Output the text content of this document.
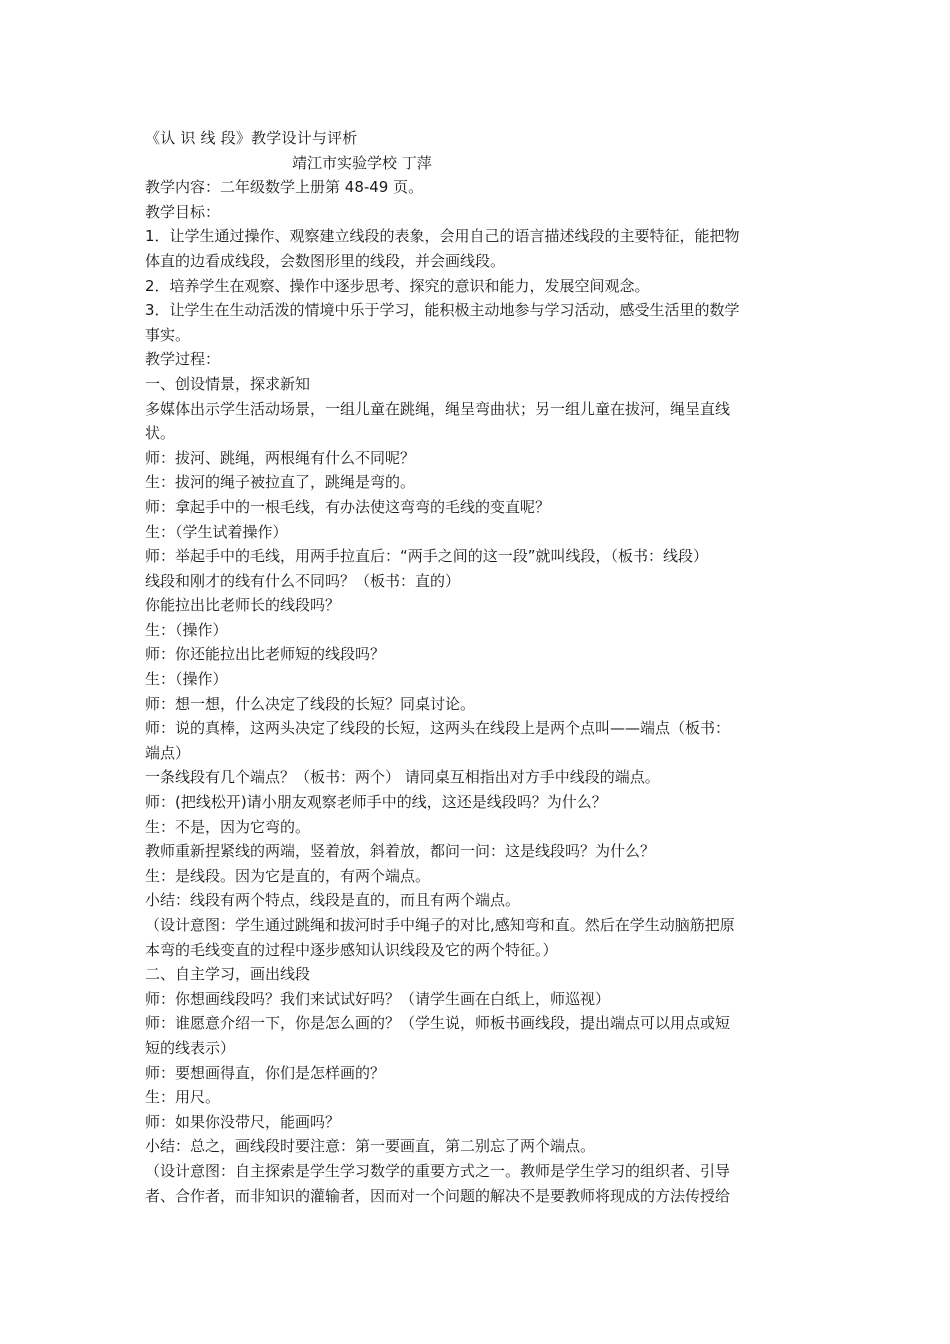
《认 识 线 段》教学设计与评析

靖江市实验学校 丁萍

教学内容：二年级数学上册第 48-49 页。

教学目标：

1．让学生通过操作、观察建立线段的表象，会用自己的语言描述线段的主要特征，能把物

体直的边看成线段，会数图形里的线段，并会画线段。

2．培养学生在观察、操作中逐步思考、探究的意识和能力，发展空间观念。

3．让学生在生动活泼的情境中乐于学习，能积极主动地参与学习活动，感受生活里的数学

事实。

教学过程：

一、创设情景，探求新知

多媒体出示学生活动场景，一组儿童在跳绳，绳呈弯曲状；另一组儿童在拔河，绳呈直线

状。

师：拔河、跳绳，两根绳有什么不同呢？

生：拔河的绳子被拉直了，跳绳是弯的。

师：拿起手中的一根毛线，有办法使这弯弯的毛线的变直呢？

生：（学生试着操作）

师：举起手中的毛线，用两手拉直后：“两手之间的这一段”就叫线段，（板书：线段）

线段和刚才的线有什么不同吗？（板书：直的）

你能拉出比老师长的线段吗？

生：（操作）

师：你还能拉出比老师短的线段吗？

生：（操作）

师：想一想，什么决定了线段的长短？同桌讨论。

师：说的真棒，这两头决定了线段的长短，这两头在线段上是两个点叫——端点（板书：

端点）

一条线段有几个端点？（板书：两个） 请同桌互相指出对方手中线段的端点。

师：(把线松开)请小朋友观察老师手中的线，这还是线段吗？为什么？

生：不是，因为它弯的。

教师重新捏紧线的两端，竖着放，斜着放，都问一问：这是线段吗？为什么？

生：是线段。因为它是直的，有两个端点。

小结：线段有两个特点，线段是直的，而且有两个端点。

（设计意图：学生通过跳绳和拔河时手中绳子的对比,感知弯和直。然后在学生动脑筋把原

本弯的毛线变直的过程中逐步感知认识线段及它的两个特征。）

二、自主学习，画出线段

师：你想画线段吗？我们来试试好吗？（请学生画在白纸上，师巡视）

师：谁愿意介绍一下，你是怎么画的？（学生说，师板书画线段，提出端点可以用点或短

短的线表示）

师：要想画得直，你们是怎样画的？

生：用尺。

师：如果你没带尺，能画吗？

小结：总之，画线段时要注意：第一要画直，第二别忘了两个端点。

（设计意图：自主探索是学生学习数学的重要方式之一。教师是学生学习的组织者、引导

者、合作者，而非知识的灌输者，因而对一个问题的解决不是要教师将现成的方法传授给
